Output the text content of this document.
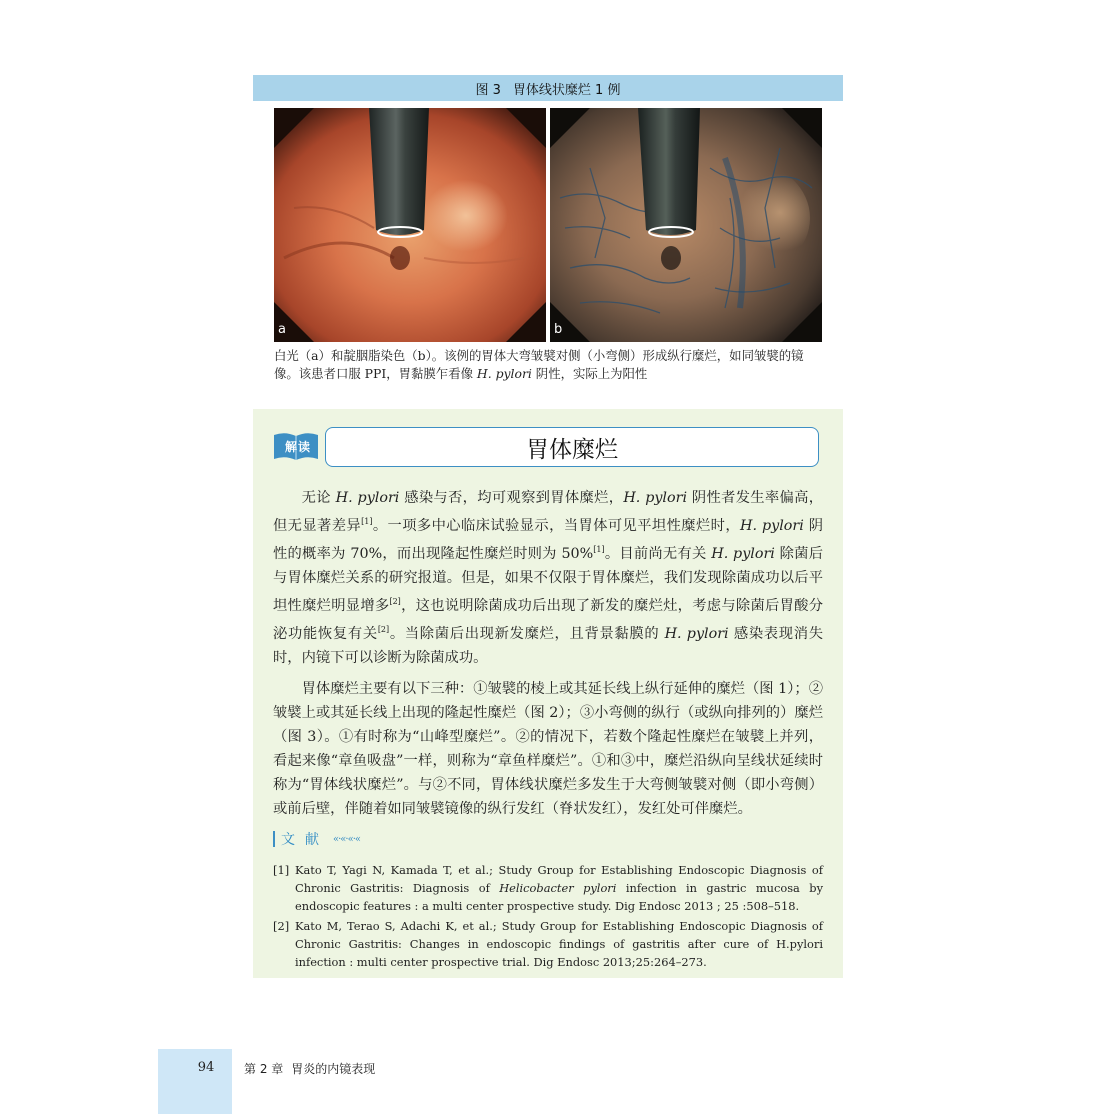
图 3 胃体线状糜烂 1 例
a	b
白光（a）和靛胭脂染色（b）。该例的胃体大弯皱襞对侧（小弯侧）形成纵行糜烂，如同皱襞的镜像。该患者口服 PPI，胃黏膜乍看像 H. pylori 阴性，实际上为阳性
解读	胃体糜烂

无论 H. pylori 感染与否，均可观察到胃体糜烂，H. pylori 阴性者发生率偏高，但无显著差异[1]。一项多中心临床试验显示，当胃体可见平坦性糜烂时，H. pylori 阴性的概率为 70%，而出现隆起性糜烂时则为 50%[1]。目前尚无有关 H. pylori 除菌后与胃体糜烂关系的研究报道。但是，如果不仅限于胃体糜烂，我们发现除菌成功以后平坦性糜烂明显增多[2]，这也说明除菌成功后出现了新发的糜烂灶，考虑与除菌后胃酸分泌功能恢复有关[2]。当除菌后出现新发糜烂，且背景黏膜的 H. pylori 感染表现消失时，内镜下可以诊断为除菌成功。

胃体糜烂主要有以下三种：①皱襞的棱上或其延长线上纵行延伸的糜烂（图 1）；②皱襞上或其延长线上出现的隆起性糜烂（图 2）；③小弯侧的纵行（或纵向排列的）糜烂（图 3）。①有时称为“山峰型糜烂”。②的情况下，若数个隆起性糜烂在皱襞上并列，看起来像“章鱼吸盘”一样，则称为“章鱼样糜烂”。①和③中，糜烂沿纵向呈线状延续时称为“胃体线状糜烂”。与②不同，胃体线状糜烂多发生于大弯侧皱襞对侧（即小弯侧）或前后壁，伴随着如同皱襞镜像的纵行发红（脊状发红），发红处可伴糜烂。

文献 «·«·«·«
[1] Kato T, Yagi N, Kamada T, et al.; Study Group for Establishing Endoscopic Diagnosis of Chronic Gastritis: Diagnosis of Helicobacter pylori infection in gastric mucosa by endoscopic features : a multi center prospective study. Dig Endosc 2013 ; 25 :508–518.
[2] Kato M, Terao S, Adachi K, et al.; Study Group for Establishing Endoscopic Diagnosis of Chronic Gastritis: Changes in endoscopic findings of gastritis after cure of H.pylori infection : multi center prospective trial. Dig Endosc 2013;25:264–273.
94	第 2 章 胃炎的内镜表现
